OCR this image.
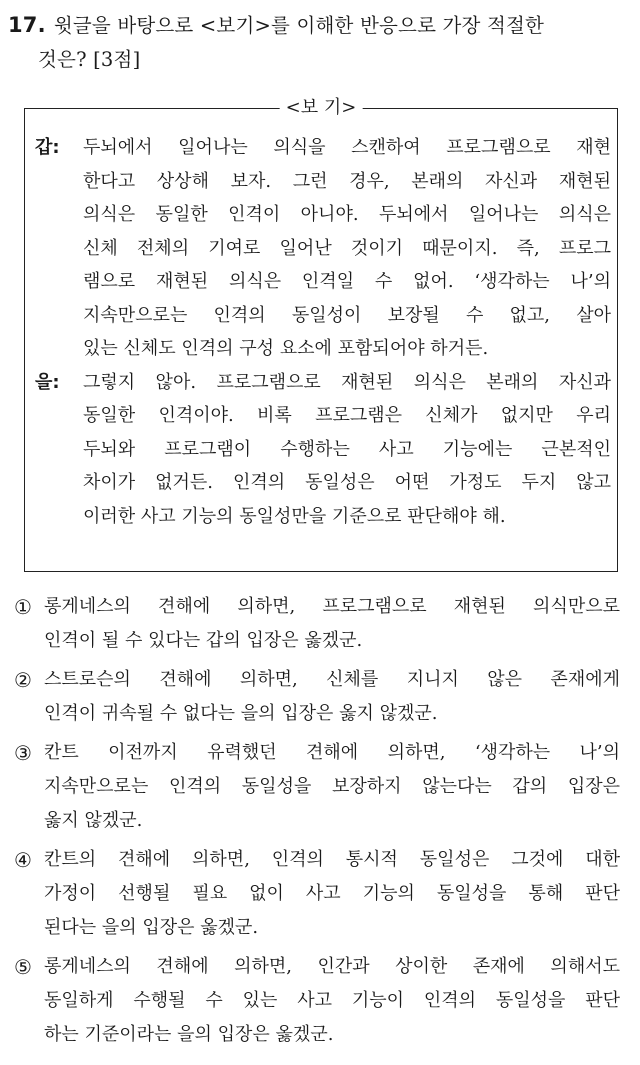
17. 윗글을 바탕으로 <보기>를 이해한 반응으로 가장 적절한
것은? [3점]
<보 기>
갑: 두뇌에서 일어나는 의식을 스캔하여 프로그램으로 재현
한다고 상상해 보자. 그런 경우, 본래의 자신과 재현된
의식은 동일한 인격이 아니야. 두뇌에서 일어나는 의식은
신체 전체의 기여로 일어난 것이기 때문이지. 즉, 프로그
램으로 재현된 의식은 인격일 수 없어. ‘생각하는 나’의
지속만으로는 인격의 동일성이 보장될 수 없고, 살아
있는 신체도 인격의 구성 요소에 포함되어야 하거든.
을: 그렇지 않아. 프로그램으로 재현된 의식은 본래의 자신과
동일한 인격이야. 비록 프로그램은 신체가 없지만 우리
두뇌와 프로그램이 수행하는 사고 기능에는 근본적인
차이가 없거든. 인격의 동일성은 어떤 가정도 두지 않고
이러한 사고 기능의 동일성만을 기준으로 판단해야 해.
① 롱게네스의 견해에 의하면, 프로그램으로 재현된 의식만으로
인격이 될 수 있다는 갑의 입장은 옳겠군.
② 스트로슨의 견해에 의하면, 신체를 지니지 않은 존재에게
인격이 귀속될 수 없다는 을의 입장은 옳지 않겠군.
③ 칸트 이전까지 유력했던 견해에 의하면, ‘생각하는 나’의
지속만으로는 인격의 동일성을 보장하지 않는다는 갑의 입장은
옳지 않겠군.
④ 칸트의 견해에 의하면, 인격의 통시적 동일성은 그것에 대한
가정이 선행될 필요 없이 사고 기능의 동일성을 통해 판단
된다는 을의 입장은 옳겠군.
⑤ 롱게네스의 견해에 의하면, 인간과 상이한 존재에 의해서도
동일하게 수행될 수 있는 사고 기능이 인격의 동일성을 판단
하는 기준이라는 을의 입장은 옳겠군.
